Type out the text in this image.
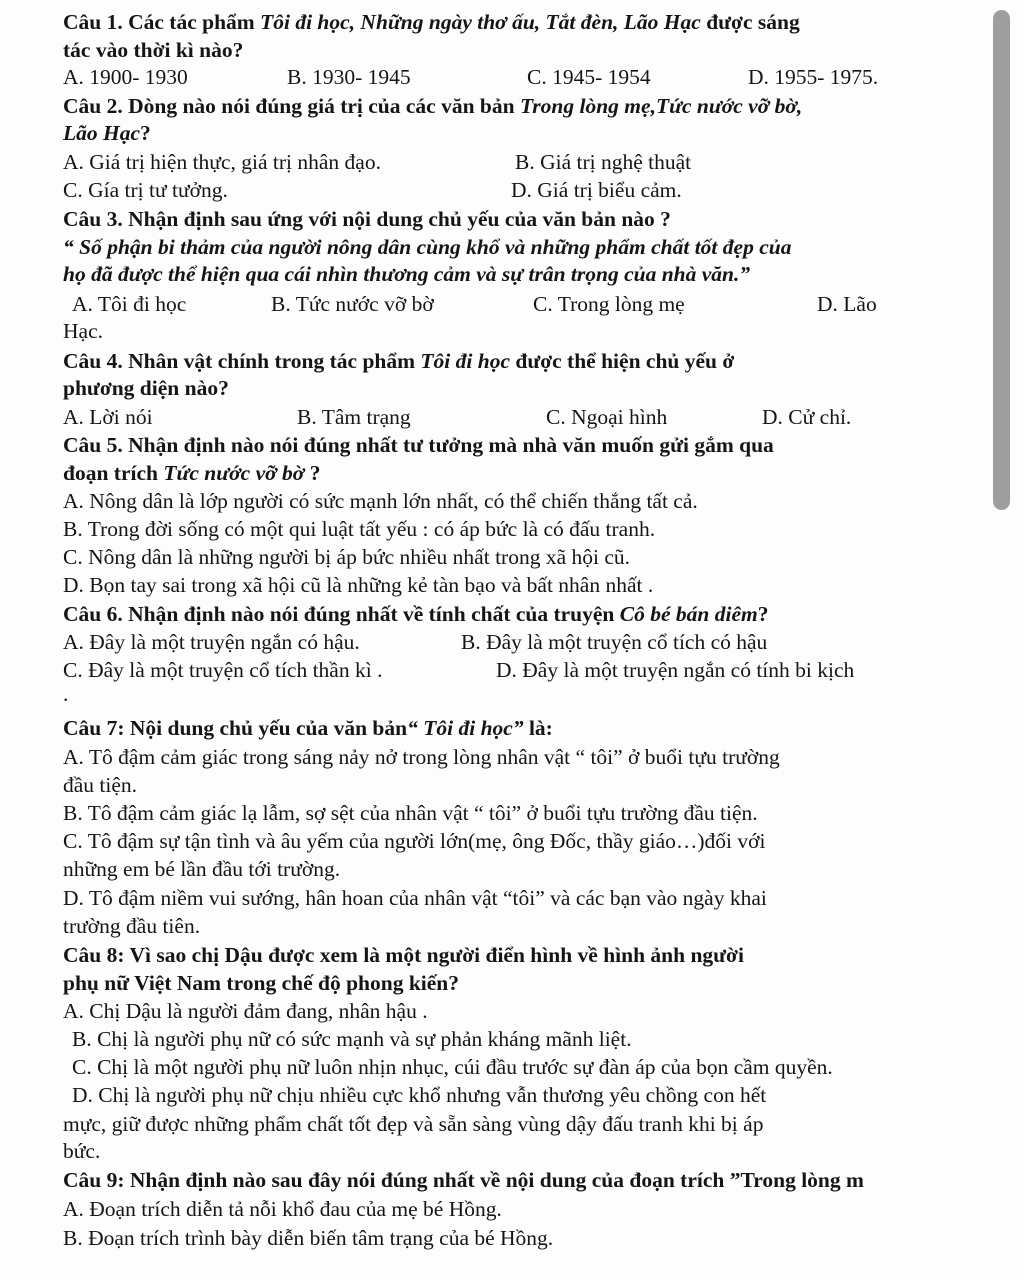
Câu 1. Các tác phẩm Tôi đi học, Những ngày thơ ấu, Tắt đèn, Lão Hạc được sáng
tác vào thời kì nào?
A. 1900- 1930	B. 1930- 1945	C. 1945- 1954	D. 1955- 1975.
Câu 2. Dòng nào nói đúng giá trị của các văn bản Trong lòng mẹ,Tức nước vỡ bờ,
Lão Hạc?
A. Giá trị hiện thực, giá trị nhân đạo.	B. Giá trị nghệ thuật
C. Gía trị tư tưởng.	D. Giá trị biểu cảm.
Câu 3. Nhận định sau ứng với nội dung chủ yếu của văn bản nào ?
“ Số phận bi thảm của người nông dân cùng khổ và những phẩm chất tốt đẹp của
họ đã được thể hiện qua cái nhìn thương cảm và sự trân trọng của nhà văn.”
A. Tôi đi học	B. Tức nước vỡ bờ	C. Trong lòng mẹ	D. Lão
Hạc.
Câu 4. Nhân vật chính trong tác phẩm Tôi đi học được thể hiện chủ yếu ở
phương diện nào?
A. Lời nói	B. Tâm trạng	C. Ngoại hình	D. Cử chỉ.
Câu 5. Nhận định nào nói đúng nhất tư tưởng mà nhà văn muốn gửi gắm qua
đoạn trích Tức nước vỡ bờ ?
A. Nông dân là lớp người có sức mạnh lớn nhất, có thể chiến thắng tất cả.
B. Trong đời sống có một qui luật tất yếu : có áp bức là có đấu tranh.
C. Nông dân là những người bị áp bức nhiều nhất trong xã hội cũ.
D. Bọn tay sai trong xã hội cũ là những kẻ tàn bạo và bất nhân nhất .
Câu 6. Nhận định nào nói đúng nhất về tính chất của truyện Cô bé bán diêm?
A. Đây là một truyện ngắn có hậu.	B. Đây là một truyện cổ tích có hậu
C. Đây là một truyện cổ tích thần kì .	D. Đây là một truyện ngắn có tính bi kịch
.
Câu 7: Nội dung chủ yếu của văn bản“ Tôi đi học” là:
A. Tô đậm cảm giác trong sáng nảy nở trong lòng nhân vật “ tôi” ở buổi tựu trường
đầu tiện.
B. Tô đậm cảm giác lạ lẫm, sợ sệt của nhân vật “ tôi” ở buổi tựu trường đầu tiện.
C. Tô đậm sự tận tình và âu yếm của người lớn(mẹ, ông Đốc, thầy giáo…)đối với
những em bé lần đầu tới trường.
D. Tô đậm niềm vui sướng, hân hoan của nhân vật “tôi” và các bạn vào ngày khai
trường đầu tiên.
Câu 8: Vì sao chị Dậu được xem là một người điển hình về hình ảnh người
phụ nữ Việt Nam trong chế độ phong kiến?
A. Chị Dậu là người đảm đang, nhân hậu .
B. Chị là người phụ nữ có sức mạnh và sự phản kháng mãnh liệt.
C. Chị là một người phụ nữ luôn nhịn nhục, cúi đầu trước sự đàn áp của bọn cầm quyền.
D. Chị là người phụ nữ chịu nhiều cực khổ nhưng vẫn thương yêu chồng con hết
mực, giữ được những phẩm chất tốt đẹp và sẵn sàng vùng dậy đấu tranh khi bị áp
bức.
Câu 9: Nhận định nào sau đây nói đúng nhất về nội dung của đoạn trích ”Trong lòng m
A. Đoạn trích diễn tả nỗi khổ đau của mẹ bé Hồng.
B. Đoạn trích trình bày diễn biến tâm trạng của bé Hồng.
